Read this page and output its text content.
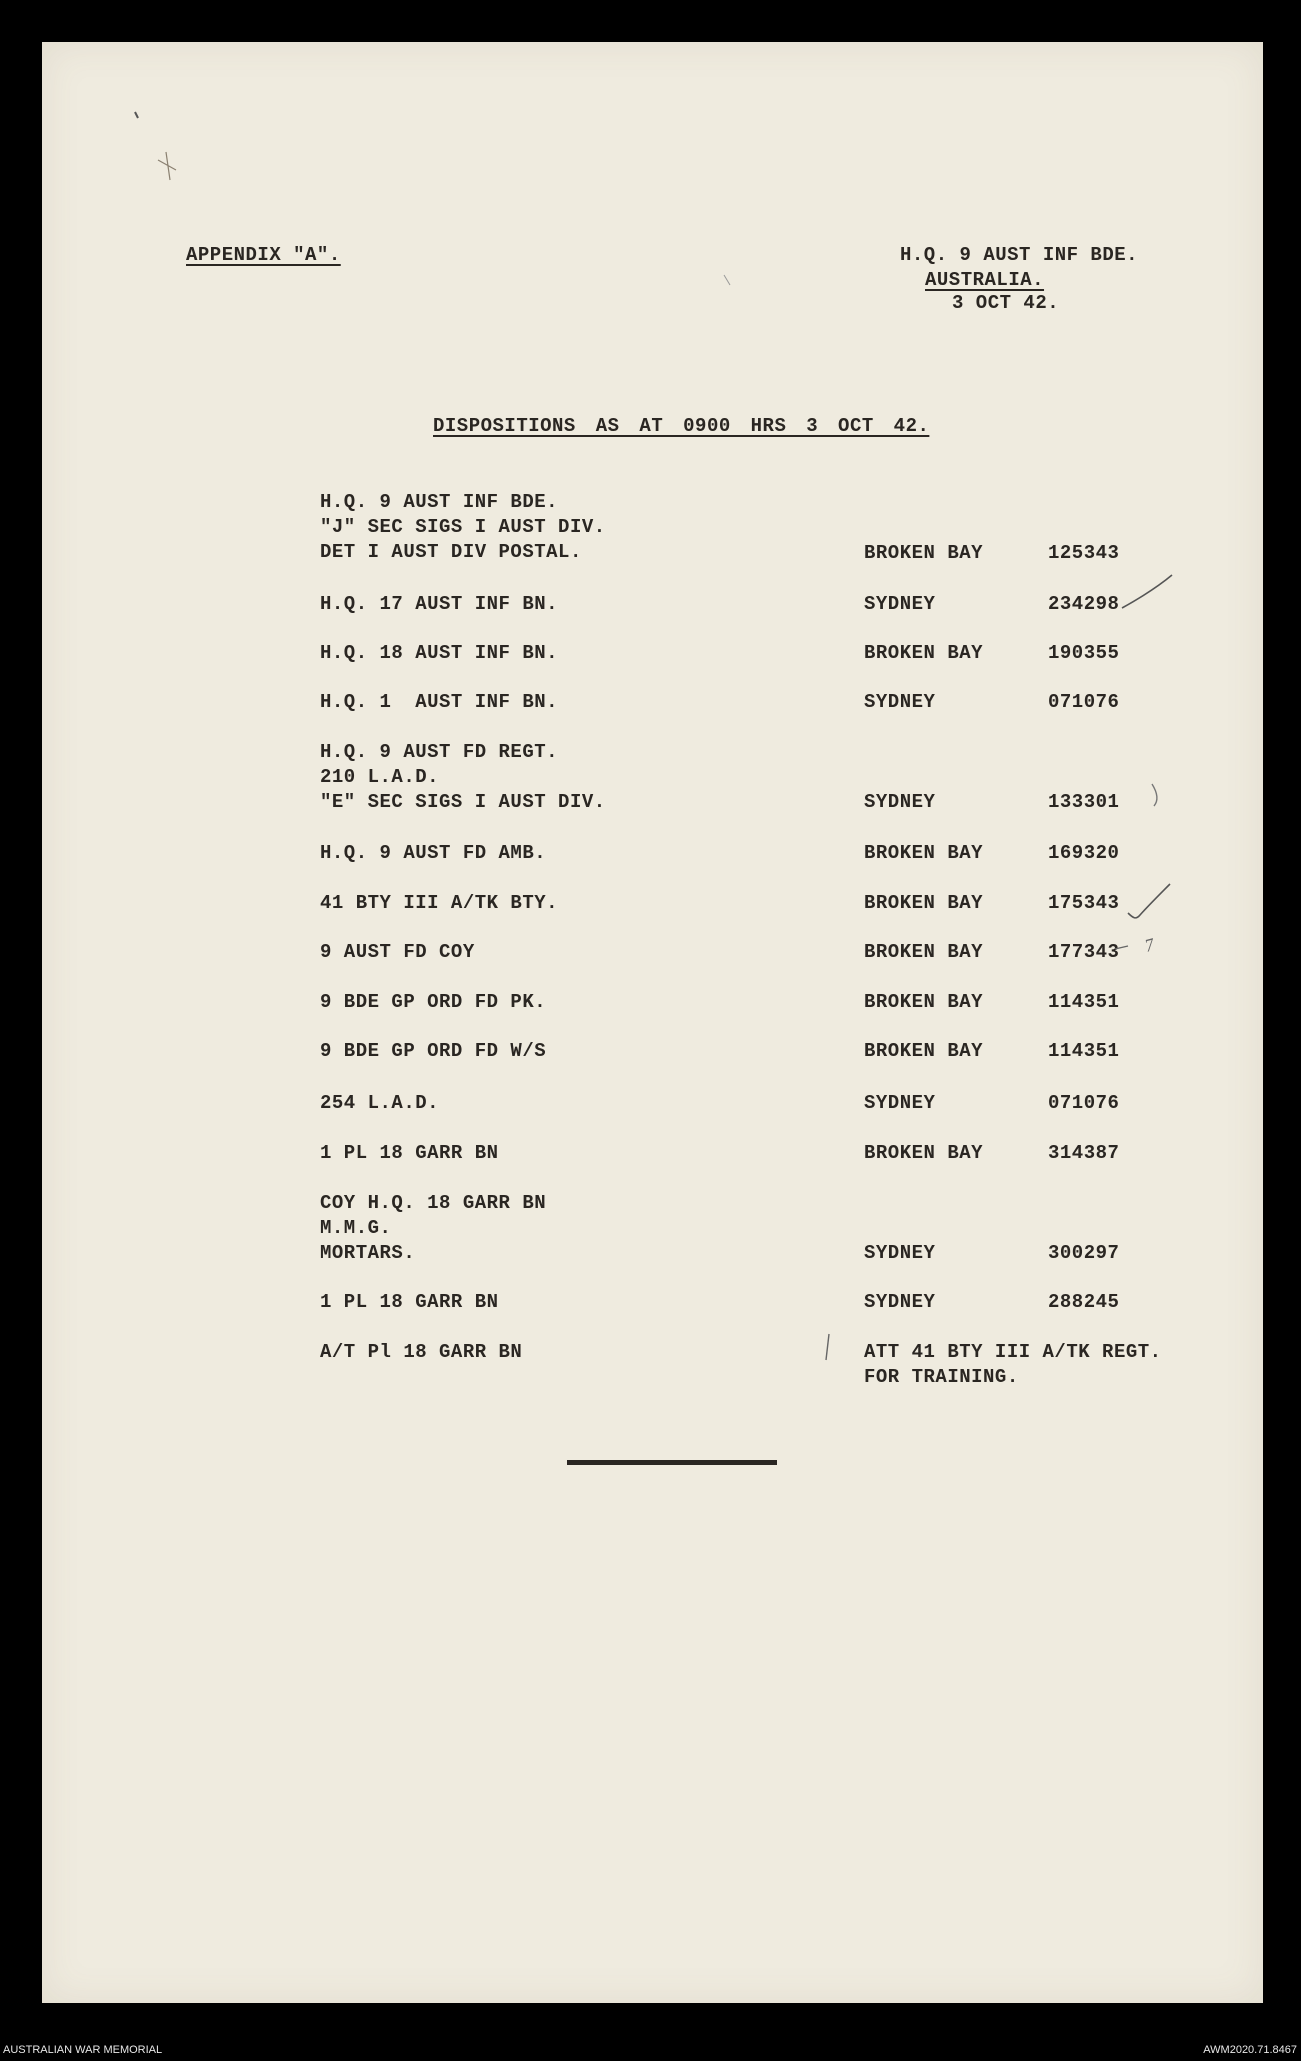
APPENDIX "A".	H.Q. 9 AUST INF BDE.
AUSTRALIA.
3 OCT 42.
DISPOSITIONS AS AT 0900 HRS 3 OCT 42.
H.Q. 9 AUST INF BDE.
"J" SEC SIGS I AUST DIV.
DET I AUST DIV POSTAL.	BROKEN BAY	125343
H.Q. 17 AUST INF BN.	SYDNEY	234298
H.Q. 18 AUST INF BN.	BROKEN BAY	190355
H.Q. 1  AUST INF BN.	SYDNEY	071076
H.Q. 9 AUST FD REGT.
210 L.A.D.
"E" SEC SIGS I AUST DIV.	SYDNEY	133301
H.Q. 9 AUST FD AMB.	BROKEN BAY	169320
41 BTY III A/TK BTY.	BROKEN BAY	175343
9 AUST FD COY	BROKEN BAY	177343
9 BDE GP ORD FD PK.	BROKEN BAY	114351
9 BDE GP ORD FD W/S	BROKEN BAY	114351
254 L.A.D.	SYDNEY	071076
1 PL 18 GARR BN	BROKEN BAY	314387
COY H.Q. 18 GARR BN
M.M.G.
MORTARS.	SYDNEY	300297
1 PL 18 GARR BN	SYDNEY	288245
A/T Pl 18 GARR BN	ATT 41 BTY III A/TK REGT.
FOR TRAINING.
7
AUSTRALIAN WAR MEMORIAL	AWM2020.71.8467
